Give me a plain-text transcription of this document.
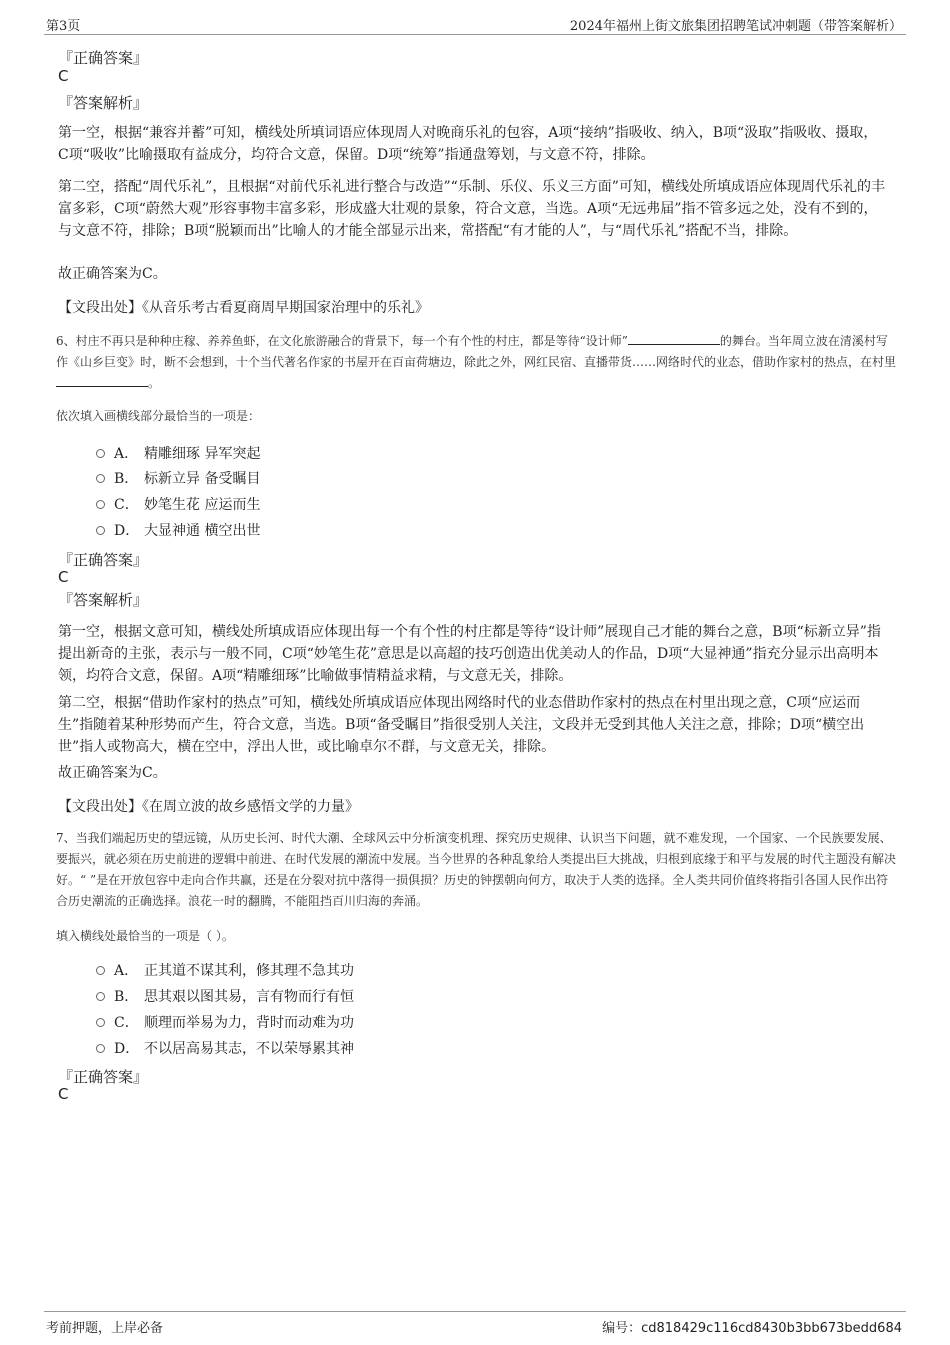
第3页	2024年福州上街文旅集团招聘笔试冲刺题（带答案解析）
『正确答案』
C
『答案解析』

第一空，根据“兼容并蓄”可知，横线处所填词语应体现周人对晚商乐礼的包容，A项“接纳”指吸收、纳入，B项“汲取”指吸收、摄取，C项“吸收”比喻摄取有益成分，均符合文意，保留。D项“统筹”指通盘筹划，与文意不符，排除。

第二空，搭配“周代乐礼”，且根据“对前代乐礼进行整合与改造”“乐制、乐仪、乐义三方面”可知，横线处所填成语应体现周代乐礼的丰富多彩，C项“蔚然大观”形容事物丰富多彩，形成盛大壮观的景象，符合文意，当选。A项“无远弗届”指不管多远之处，没有不到的，与文意不符，排除；B项“脱颖而出”比喻人的才能全部显示出来，常搭配“有才能的人”，与“周代乐礼”搭配不当，排除。

故正确答案为C。
【文段出处】《从音乐考古看夏商周早期国家治理中的乐礼》

6、村庄不再只是种种庄稼、养养鱼虾，在文化旅游融合的背景下，每一个有个性的村庄，都是等待“设计师”	的舞台。当年周立波在清溪村写作《山乡巨变》时，断不会想到，十个当代著名作家的书屋开在百亩荷塘边，除此之外，网红民宿、直播带货……网络时代的业态，借助作家村的热点，在村里。

依次填入画横线部分最恰当的一项是：
A． 精雕细琢 异军突起
B． 标新立异 备受瞩目
C． 妙笔生花 应运而生
D． 大显神通 横空出世
『正确答案』
C
『答案解析』

第一空，根据文意可知，横线处所填成语应体现出每一个有个性的村庄都是等待“设计师”展现自己才能的舞台之意，B项“标新立异”指提出新奇的主张，表示与一般不同，C项“妙笔生花”意思是以高超的技巧创造出优美动人的作品，D项“大显神通”指充分显示出高明本领，均符合文意，保留。A项“精雕细琢”比喻做事情精益求精，与文意无关，排除。

第二空，根据“借助作家村的热点”可知，横线处所填成语应体现出网络时代的业态借助作家村的热点在村里出现之意，C项“应运而生”指随着某种形势而产生，符合文意，当选。B项“备受瞩目”指很受别人关注，文段并无受到其他人关注之意，排除；D项“横空出世”指人或物高大，横在空中，浮出人世，或比喻卓尔不群，与文意无关，排除。

故正确答案为C。
【文段出处】《在周立波的故乡感悟文学的力量》

7、当我们端起历史的望远镜，从历史长河、时代大潮、全球风云中分析演变机理、探究历史规律、认识当下问题，就不难发现，一个国家、一个民族要发展、要振兴，就必须在历史前进的逻辑中前进、在时代发展的潮流中发展。当今世界的各种乱象给人类提出巨大挑战，归根到底缘于和平与发展的时代主题没有解决好。“ ”是在开放包容中走向合作共赢，还是在分裂对抗中落得一损俱损？历史的钟摆朝向何方，取决于人类的选择。全人类共同价值终将指引各国人民作出符合历史潮流的正确选择。浪花一时的翻腾，不能阻挡百川归海的奔涌。

填入横线处最恰当的一项是（ ）。
A． 正其道不谋其利，修其理不急其功
B． 思其艰以图其易，言有物而行有恒
C． 顺理而举易为力，背时而动难为功
D． 不以居高易其志，不以荣辱累其神
『正确答案』
C
考前押题，上岸必备	编号：cd818429c116cd8430b3bb673bedd684
